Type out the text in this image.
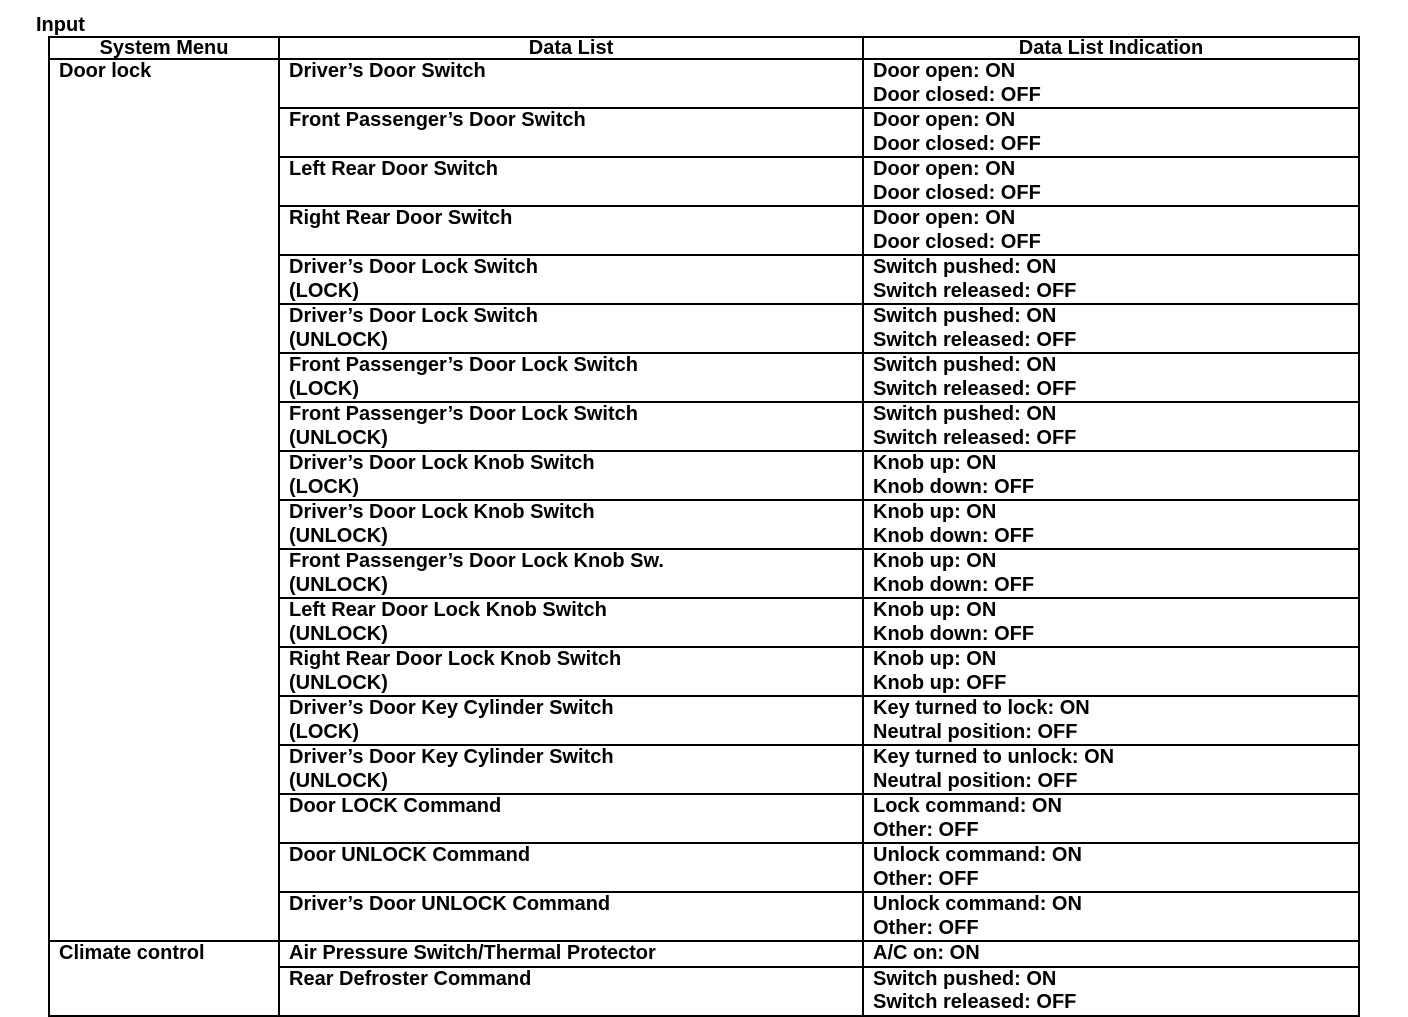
Input
System Menu	Data List	Data List Indication
Door lock	Driver’s Door Switch	Door open: ON
Door closed: OFF

	Front Passenger’s Door Switch	Door open: ON
Door closed: OFF

	Left Rear Door Switch	Door open: ON
Door closed: OFF

	Right Rear Door Switch	Door open: ON
Door closed: OFF

	Driver’s Door Lock Switch
(LOCK)	Switch pushed: ON
Switch released: OFF

	Driver’s Door Lock Switch
(UNLOCK)	Switch pushed: ON
Switch released: OFF

	Front Passenger’s Door Lock Switch
(LOCK)	Switch pushed: ON
Switch released: OFF

	Front Passenger’s Door Lock Switch
(UNLOCK)	Switch pushed: ON
Switch released: OFF

	Driver’s Door Lock Knob Switch
(LOCK)	Knob up: ON
Knob down: OFF

	Driver’s Door Lock Knob Switch
(UNLOCK)	Knob up: ON
Knob down: OFF

	Front Passenger’s Door Lock Knob Sw.
(UNLOCK)	Knob up: ON
Knob down: OFF

	Left Rear Door Lock Knob Switch
(UNLOCK)	Knob up: ON
Knob down: OFF

	Right Rear Door Lock Knob Switch
(UNLOCK)	Knob up: ON
Knob up: OFF

	Driver’s Door Key Cylinder Switch
(LOCK)	Key turned to lock: ON
Neutral position: OFF

	Driver’s Door Key Cylinder Switch
(UNLOCK)	Key turned to unlock: ON
Neutral position: OFF

	Door LOCK Command	Lock command: ON
Other: OFF

	Door UNLOCK Command	Unlock command: ON
Other: OFF

	Driver’s Door UNLOCK Command	Unlock command: ON
Other: OFF

Climate control	Air Pressure Switch/Thermal Protector	A/C on: ON

	Rear Defroster Command	Switch pushed: ON
Switch released: OFF
